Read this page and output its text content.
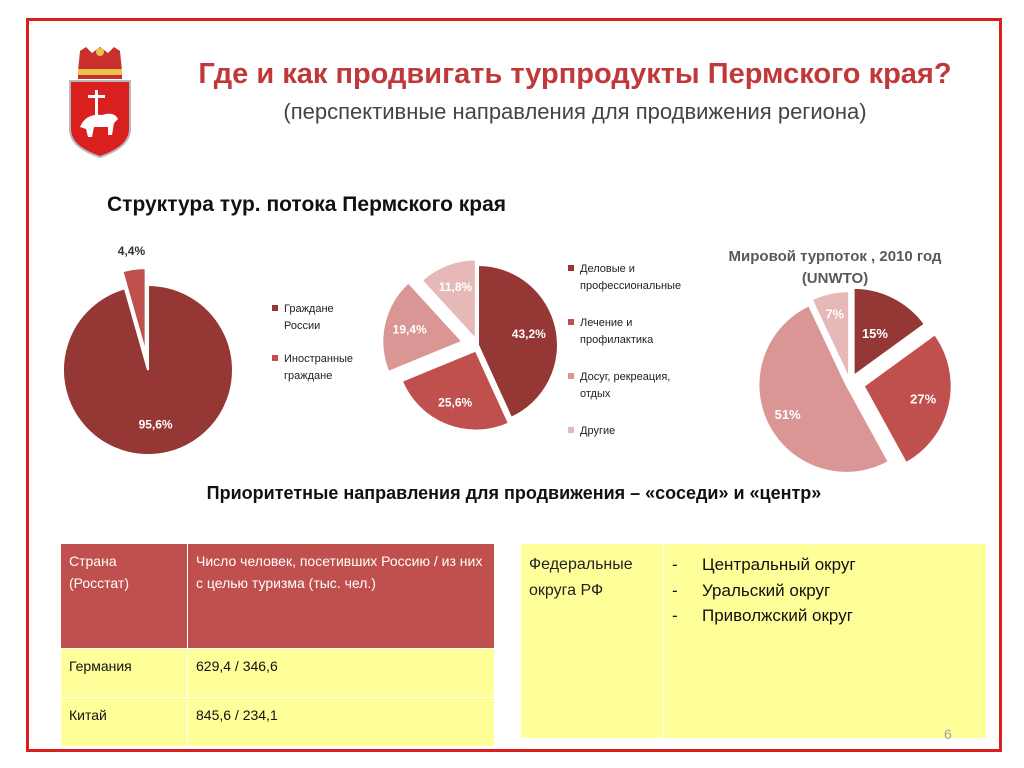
Где и как продвигать турпродукты Пермского края?
(перспективные направления для продвижения региона)
Структура тур. потока Пермского края
95,6%
4,4%
Граждане России
Иностранные граждане
43,2%
25,6%
19,4%
11,8%
Деловые и профессиональные
Лечение и профилактика
Досуг, рекреация, отдых
Другие
Мировой турпоток , 2010 год
(UNWTO)
15%
27%
51%
7%
Приоритетные направления для продвижения – «соседи» и «центр»
Страна (Росстат)	Число человек, посетивших Россию / из них с целью туризма (тыс. чел.)
Германия	629,4 / 346,6
Китай	845,6 / 234,1
Федеральные округа РФ	
- Центральный округ
- Уральский округ
- Приволжский округ
6
